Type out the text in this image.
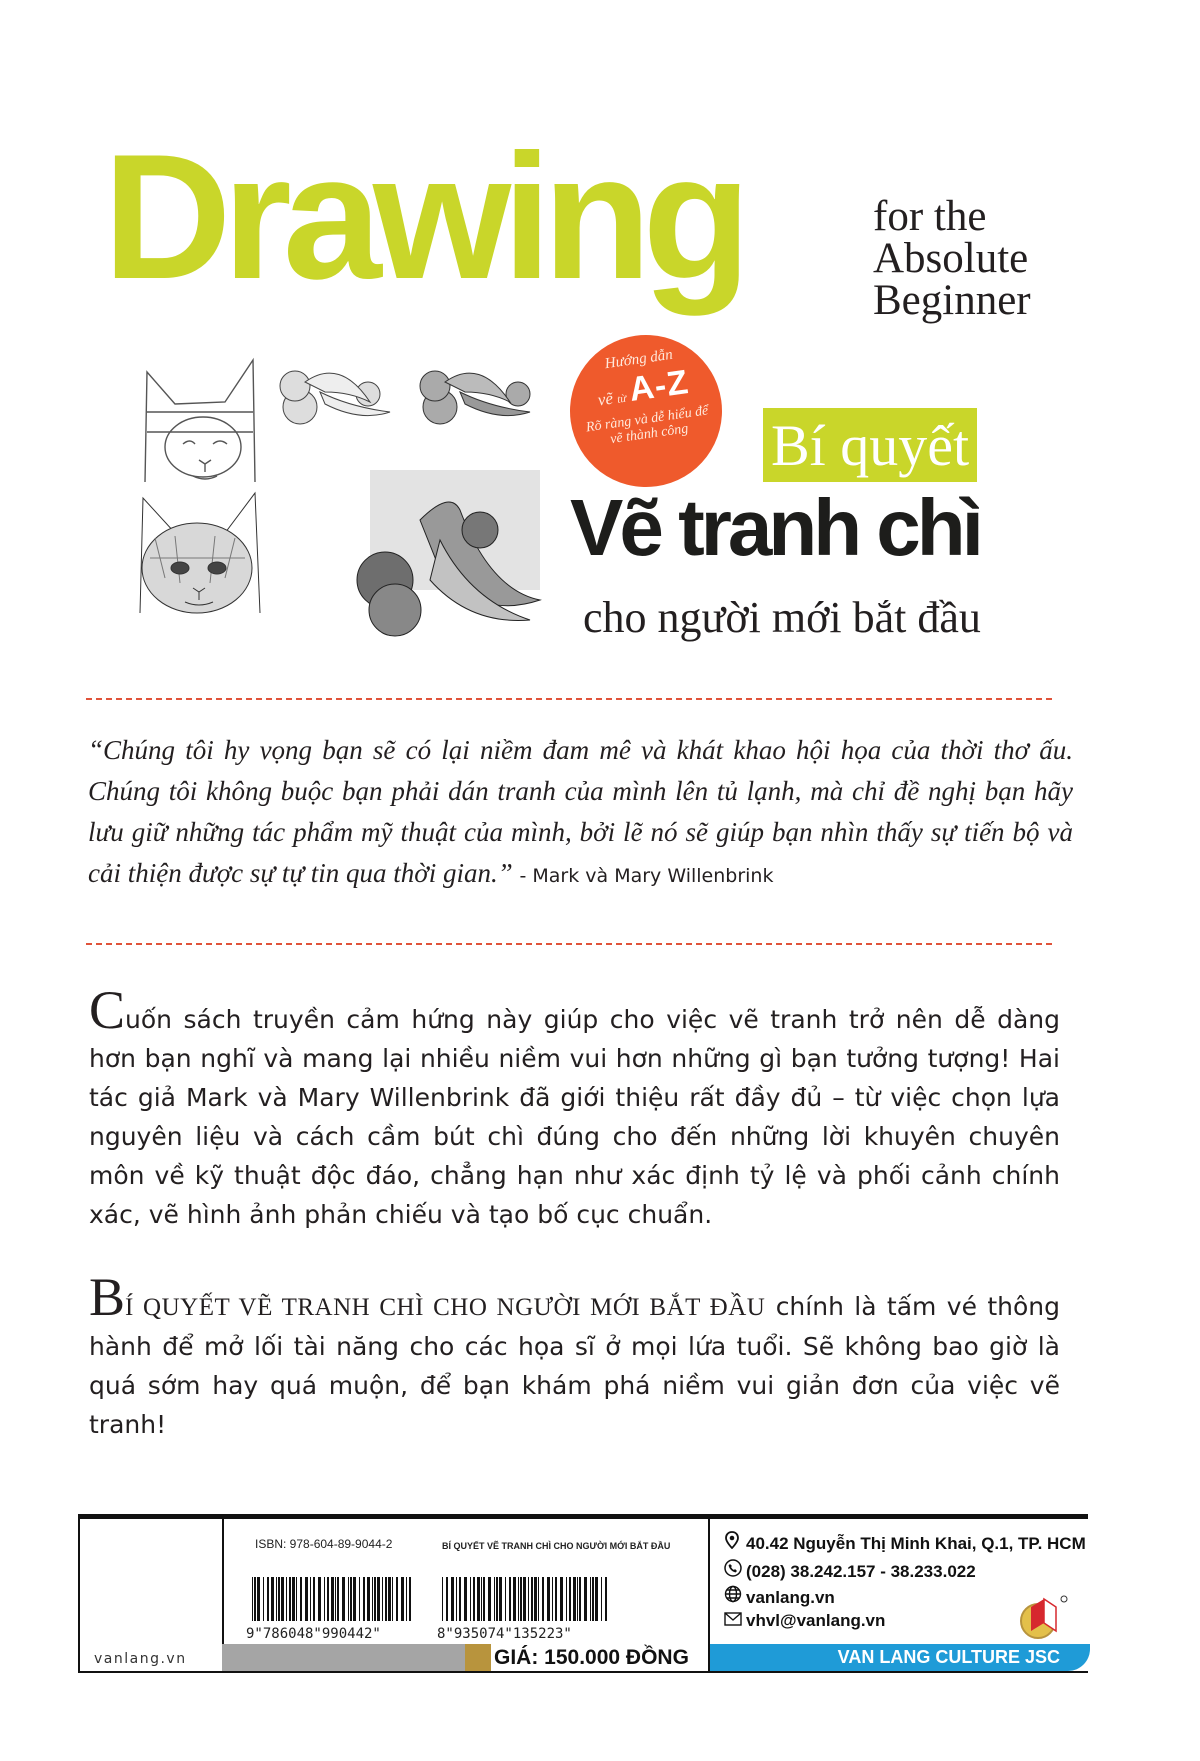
Drawing	for the
Absolute
Beginner
Hướng dẫn
vẽ từ A-Z
Rõ ràng và dễ hiểu để vẽ thành công	Bí quyết
Vẽ tranh chì
cho người mới bắt đầu
“Chúng tôi hy vọng bạn sẽ có lại niềm đam mê và khát khao hội họa của thời thơ ấu. Chúng tôi không buộc bạn phải dán tranh của mình lên tủ lạnh, mà chỉ đề nghị bạn hãy lưu giữ những tác phẩm mỹ thuật của mình, bởi lẽ nó sẽ giúp bạn nhìn thấy sự tiến bộ và cải thiện được sự tự tin qua thời gian.” - Mark và Mary Willenbrink
Cuốn sách truyền cảm hứng này giúp cho việc vẽ tranh trở nên dễ dàng hơn bạn nghĩ và mang lại nhiều niềm vui hơn những gì bạn tưởng tượng! Hai tác giả Mark và Mary Willenbrink đã giới thiệu rất đầy đủ – từ việc chọn lựa nguyên liệu và cách cầm bút chì đúng cho đến những lời khuyên chuyên môn về kỹ thuật độc đáo, chẳng hạn như xác định tỷ lệ và phối cảnh chính xác, vẽ hình ảnh phản chiếu và tạo bố cục chuẩn.
BÍ QUYẾT VẼ TRANH CHÌ CHO NGƯỜI MỚI BẮT ĐẦU chính là tấm vé thông hành để mở lối tài năng cho các họa sĩ ở mọi lứa tuổi. Sẽ không bao giờ là quá sớm hay quá muộn, để bạn khám phá niềm vui giản đơn của việc vẽ tranh!
vanlang.vn
ISBN: 978-604-89-9044-2	BÍ QUYẾT VẼ TRANH CHÌ CHO NGƯỜI MỚI BẮT ĐẦU
9"786048"990442"	8"935074"135223"
GIÁ: 150.000 ĐỒNG
40.42 Nguyễn Thị Minh Khai, Q.1, TP. HCM
(028) 38.242.157 - 38.233.022
vanlang.vn
vhvl@vanlang.vn
VAN LANG CULTURE JSC
